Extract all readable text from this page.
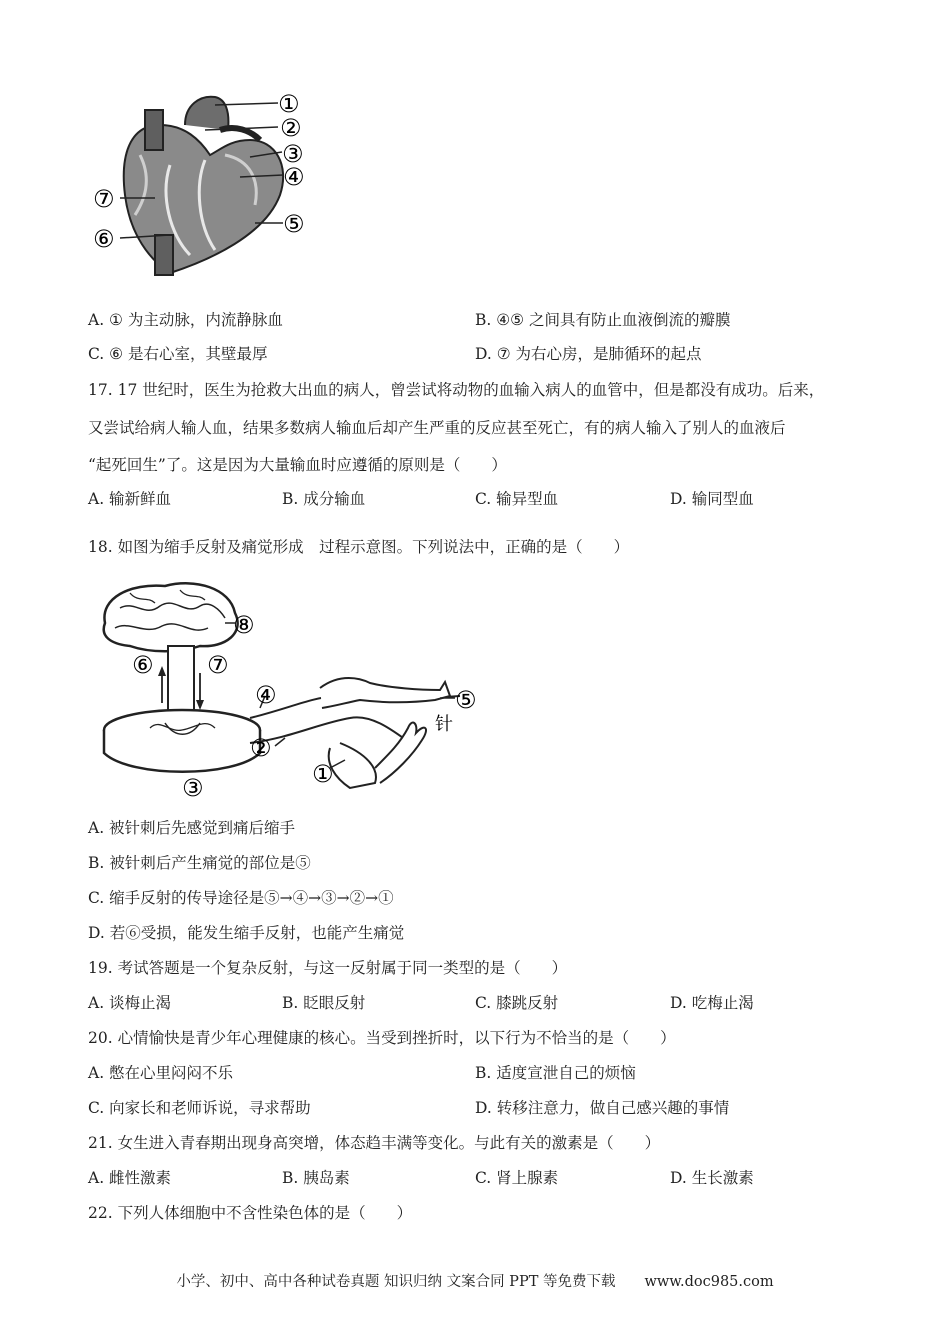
①
②
③
④
⑤
⑥
⑦
A. ① 为主动脉，内流静脉血	B. ④⑤ 之间具有防止血液倒流的瓣膜
C. ⑥ 是右心室，其壁最厚	D. ⑦ 为右心房，是肺循环的起点
17. 17 世纪时，医生为抢救大出血的病人，曾尝试将动物的血输入病人的血管中，但是都没有成功。后来，
又尝试给病人输人血，结果多数病人输血后却产生严重的反应甚至死亡，有的病人输入了别人的血液后
“起死回生”了。这是因为大量输血时应遵循的原则是（　　）
A. 输新鲜血	B. 成分输血	C. 输异型血	D. 输同型血
18. 如图为缩手反射及痛觉形成　过程示意图。下列说法中，正确的是（　　）
⑧
⑥ ⑦
④	⑤
针
②
①
③
A. 被针刺后先感觉到痛后缩手
B. 被针刺后产生痛觉的部位是⑤
C. 缩手反射的传导途径是⑤→④→③→②→①
D. 若⑥受损，能发生缩手反射，也能产生痛觉
19. 考试答题是一个复杂反射，与这一反射属于同一类型的是（　　）
A. 谈梅止渴	B. 眨眼反射	C. 膝跳反射	D. 吃梅止渴
20. 心情愉快是青少年心理健康的核心。当受到挫折时，以下行为不恰当的是（　　）
A. 憋在心里闷闷不乐	B. 适度宣泄自己的烦恼
C. 向家长和老师诉说，寻求帮助	D. 转移注意力，做自己感兴趣的事情
21. 女生进入青春期出现身高突增，体态趋丰满等变化。与此有关的激素是（　　）
A. 雌性激素	B. 胰岛素	C. 肾上腺素	D. 生长激素
22. 下列人体细胞中不含性染色体的是（　　）
小学、初中、高中各种试卷真题 知识归纳 文案合同 PPT 等免费下载　　www.doc985.com
